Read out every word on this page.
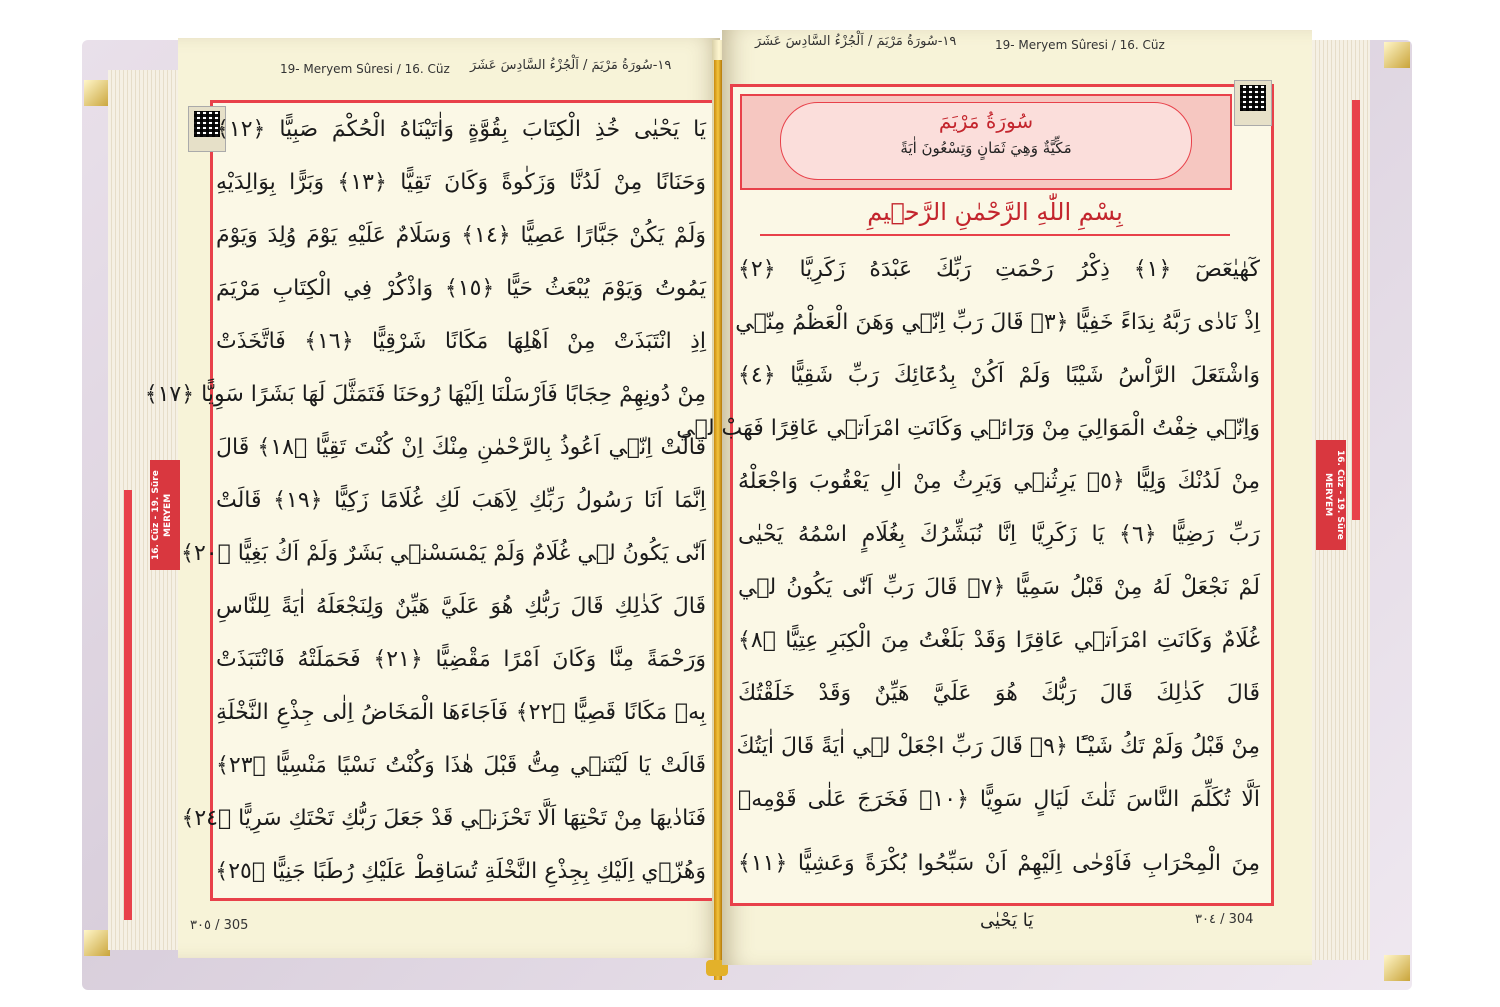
19- Meryem Sûresi / 16. Cüz ١٩-سُورَةُ مَرْيَمَ / اَلْجُزْءُ السَّادِسَ عَشَرَ
يَا يَحْيٰى خُذِ الْكِتَابَ بِقُوَّةٍ وَاٰتَيْنَاهُ الْحُكْمَ صَبِيًّا ﴿١٢﴾
وَحَنَانًا مِنْ لَدُنَّا وَزَكٰوةً وَكَانَ تَقِيًّا ﴿١٣﴾ وَبَرًّا بِوَالِدَيْهِ
وَلَمْ يَكُنْ جَبَّارًا عَصِيًّا ﴿١٤﴾ وَسَلَامٌ عَلَيْهِ يَوْمَ وُلِدَ وَيَوْمَ
يَمُوتُ وَيَوْمَ يُبْعَثُ حَيًّا ﴿١٥﴾ وَاذْكُرْ فِي الْكِتَابِ مَرْيَمَ
اِذِ انْتَبَذَتْ مِنْ اَهْلِهَا مَكَانًا شَرْقِيًّا ﴿١٦﴾ فَاتَّخَذَتْ
مِنْ دُونِهِمْ حِجَابًا فَاَرْسَلْنَا اِلَيْهَا رُوحَنَا فَتَمَثَّلَ لَهَا بَشَرًا سَوِيًّا ﴿١٧﴾
قَالَتْ اِنّ۪ي اَعُوذُ بِالرَّحْمٰنِ مِنْكَ اِنْ كُنْتَ تَقِيًّا ﴿١٨﴾ قَالَ
اِنَّمَا اَنَا رَسُولُ رَبِّكِ لِاَهَبَ لَكِ غُلَامًا زَكِيًّا ﴿١٩﴾ قَالَتْ
اَنّٰى يَكُونُ ل۪ي غُلَامٌ وَلَمْ يَمْسَسْن۪ي بَشَرٌ وَلَمْ اَكُ بَغِيًّا ﴿٢٠﴾
قَالَ كَذٰلِكِ قَالَ رَبُّكِ هُوَ عَلَيَّ هَيِّنٌ وَلِنَجْعَلَهُ اٰيَةً لِلنَّاسِ
وَرَحْمَةً مِنَّا وَكَانَ اَمْرًا مَقْضِيًّا ﴿٢١﴾ فَحَمَلَتْهُ فَانْتَبَذَتْ
بِه۪ مَكَانًا قَصِيًّا ﴿٢٢﴾ فَاَجَاءَهَا الْمَخَاضُ اِلٰى جِذْعِ النَّخْلَةِ
قَالَتْ يَا لَيْتَن۪ي مِتُّ قَبْلَ هٰذَا وَكُنْتُ نَسْيًا مَنْسِيًّا ﴿٢٣﴾
فَنَادٰيهَا مِنْ تَحْتِهَا اَلَّا تَحْزَن۪ي قَدْ جَعَلَ رَبُّكِ تَحْتَكِ سَرِيًّا ﴿٢٤﴾
وَهُزّ۪ي اِلَيْكِ بِجِذْعِ النَّخْلَةِ تُسَاقِطْ عَلَيْكِ رُطَبًا جَنِيًّا ﴿٢٥﴾
16. Cüz - 19. Süre MERYEM
٣٠٥ / 305
١٩-سُورَةُ مَرْيَمَ / اَلْجُزْءُ السَّادِسَ عَشَرَ	19- Meryem Sûresi / 16. Cüz
سُورَةُ مَرْيَمَ
مَكِّيَّةٌ وَهِيَ ثَمَانٍ وَتِسْعُونَ اٰيَةً
بِسْمِ اللّٰهِ الرَّحْمٰنِ الرَّح۪يمِ
كٓهٰيٰعٓصٓ ﴿١﴾ ذِكْرُ رَحْمَتِ رَبِّكَ عَبْدَهُ زَكَرِيَّا ﴿٢﴾
اِذْ نَادٰى رَبَّهُ نِدَاءً خَفِيًّا ﴿٣﴾ قَالَ رَبِّ اِنّ۪ي وَهَنَ الْعَظْمُ مِنّ۪ي
وَاشْتَعَلَ الرَّاْسُ شَيْبًا وَلَمْ اَكُنْ بِدُعَٓائِكَ رَبِّ شَقِيًّا ﴿٤﴾
وَاِنّ۪ي خِفْتُ الْمَوَالِيَ مِنْ وَرَٓائ۪ي وَكَانَتِ امْرَاَت۪ي عَاقِرًا فَهَبْ ل۪ي
مِنْ لَدُنْكَ وَلِيًّا ﴿٥﴾ يَرِثُن۪ي وَيَرِثُ مِنْ اٰلِ يَعْقُوبَ وَاجْعَلْهُ
رَبِّ رَضِيًّا ﴿٦﴾ يَا زَكَرِيَّا اِنَّا نُبَشِّرُكَ بِغُلَامٍ اسْمُهُ يَحْيٰى
لَمْ نَجْعَلْ لَهُ مِنْ قَبْلُ سَمِيًّا ﴿٧﴾ قَالَ رَبِّ اَنّٰى يَكُونُ ل۪ي
غُلَامٌ وَكَانَتِ امْرَاَت۪ي عَاقِرًا وَقَدْ بَلَغْتُ مِنَ الْكِبَرِ عِتِيًّا ﴿٨﴾
قَالَ كَذٰلِكَ قَالَ رَبُّكَ هُوَ عَلَيَّ هَيِّنٌ وَقَدْ خَلَقْتُكَ
مِنْ قَبْلُ وَلَمْ تَكُ شَيْـًٔا ﴿٩﴾ قَالَ رَبِّ اجْعَلْ ل۪ي اٰيَةً قَالَ اٰيَتُكَ
اَلَّا تُكَلِّمَ النَّاسَ ثَلٰثَ لَيَالٍ سَوِيًّا ﴿١٠﴾ فَخَرَجَ عَلٰى قَوْمِه۪
مِنَ الْمِحْرَابِ فَاَوْحٰى اِلَيْهِمْ اَنْ سَبِّحُوا بُكْرَةً وَعَشِيًّا ﴿١١﴾
16. Cüz - 19. Süre MERYEM
يَا يَحْيٰى	٣٠٤ / 304
